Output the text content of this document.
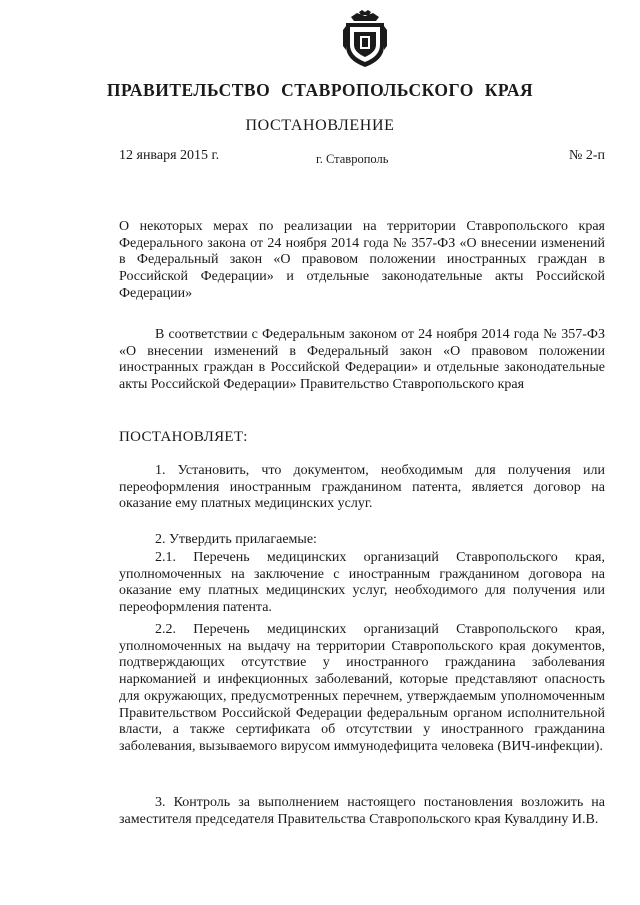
ПРАВИТЕЛЬСТВО СТАВРОПОЛЬСКОГО КРАЯ
ПОСТАНОВЛЕНИЕ
12 января 2015 г.	г. Ставрополь	№ 2-п

О некоторых мерах по реализации на территории Ставропольского края Федерального закона от 24 ноября 2014 года № 357-ФЗ «О внесении изменений в Федеральный закон «О правовом положении иностранных граждан в Российской Федерации» и отдельные законодательные акты Российской Федерации»

В соответствии с Федеральным законом от 24 ноября 2014 года № 357-ФЗ «О внесении изменений в Федеральный закон «О правовом положении иностранных граждан в Российской Федерации» и отдельные законодательные акты Российской Федерации» Правительство Ставропольского края

ПОСТАНОВЛЯЕТ:

1. Установить, что документом, необходимым для получения или переоформления иностранным гражданином патента, является договор на оказание ему платных медицинских услуг.

2. Утвердить прилагаемые:

2.1. Перечень медицинских организаций Ставропольского края, уполномоченных на заключение с иностранным гражданином договора на оказание ему платных медицинских услуг, необходимого для получения или переоформления патента.

2.2. Перечень медицинских организаций Ставропольского края, уполномоченных на выдачу на территории Ставропольского края документов, подтверждающих отсутствие у иностранного гражданина заболевания наркоманией и инфекционных заболеваний, которые представляют опасность для окружающих, предусмотренных перечнем, утверждаемым уполномоченным Правительством Российской Федерации федеральным органом исполнительной власти, а также сертификата об отсутствии у иностранного гражданина заболевания, вызываемого вирусом иммунодефицита человека (ВИЧ-инфекции).

3. Контроль за выполнением настоящего постановления возложить на заместителя председателя Правительства Ставропольского края Кувалдину И.В.
